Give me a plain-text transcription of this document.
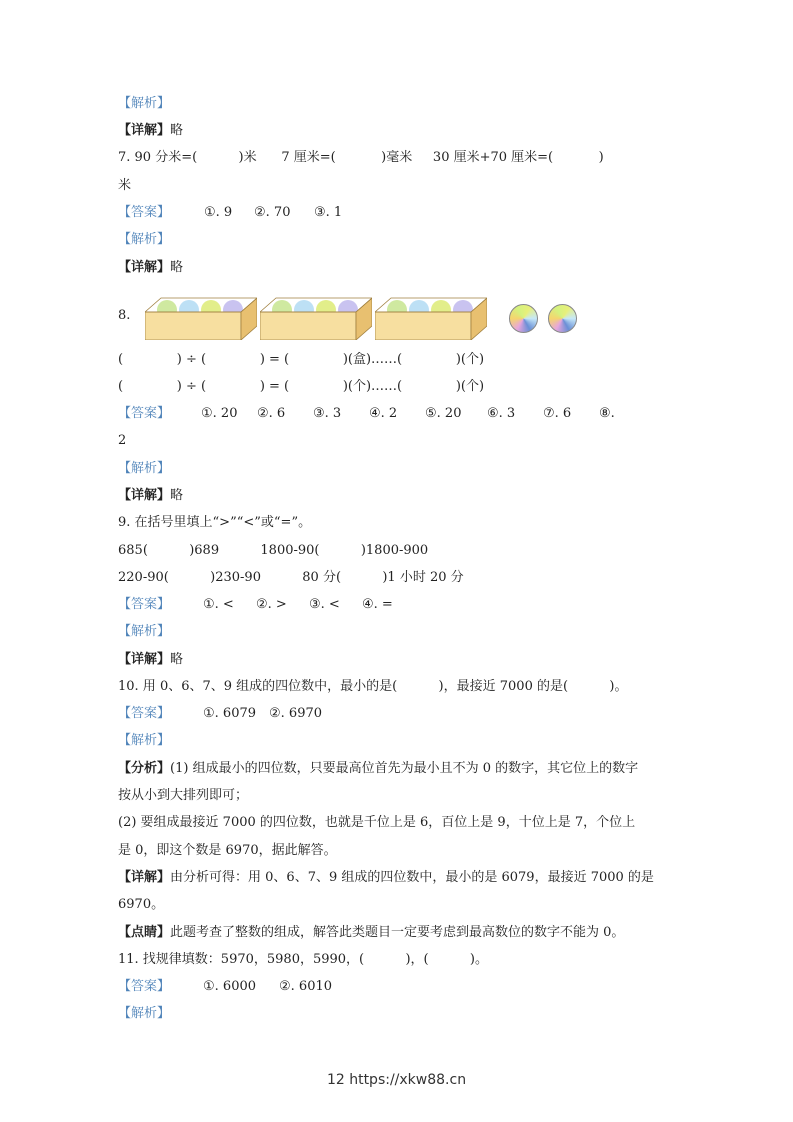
【解析】
【详解】略
7. 90 分米=(          )米      7 厘米=(           )毫米     30 厘米+70 厘米=(           )
米
【答案】	①. 9 ②. 70 ③. 1
【解析】
【详解】略
8.
(             ) ÷ (             ) = (             )(盒)……(             )(个)
(             ) ÷ (             ) = (             )(个)……(             )(个)
【答案】 ①. 20 ②. 6 ③. 3 ④. 2 ⑤. 20 ⑥. 3 ⑦. 6 ⑧.
2
【解析】
【详解】略
9. 在括号里填上“>”“<”或“=”。
685(          )689          1800-90(          )1800-900
220-90(          )230-90          80 分(          )1 小时 20 分
【答案】	①. < ②. > ③. < ④. =
【解析】
【详解】略
10. 用 0、6、7、9 组成的四位数中，最小的是(          )，最接近 7000 的是(          )。
【答案】	①. 6079 ②. 6970
【解析】
【分析】(1) 组成最小的四位数，只要最高位首先为最小且不为 0 的数字，其它位上的数字
按从小到大排列即可；
(2) 要组成最接近 7000 的四位数，也就是千位上是 6，百位上是 9，十位上是 7，个位上
是 0，即这个数是 6970，据此解答。
【详解】由分析可得：用 0、6、7、9 组成的四位数中，最小的是 6079，最接近 7000 的是
6970。
【点睛】此题考查了整数的组成，解答此类题目一定要考虑到最高数位的数字不能为 0。
11. 找规律填数：5970，5980，5990，(          )，(          )。
【答案】	①. 6000 ②. 6010
【解析】
12 https://xkw88.cn
